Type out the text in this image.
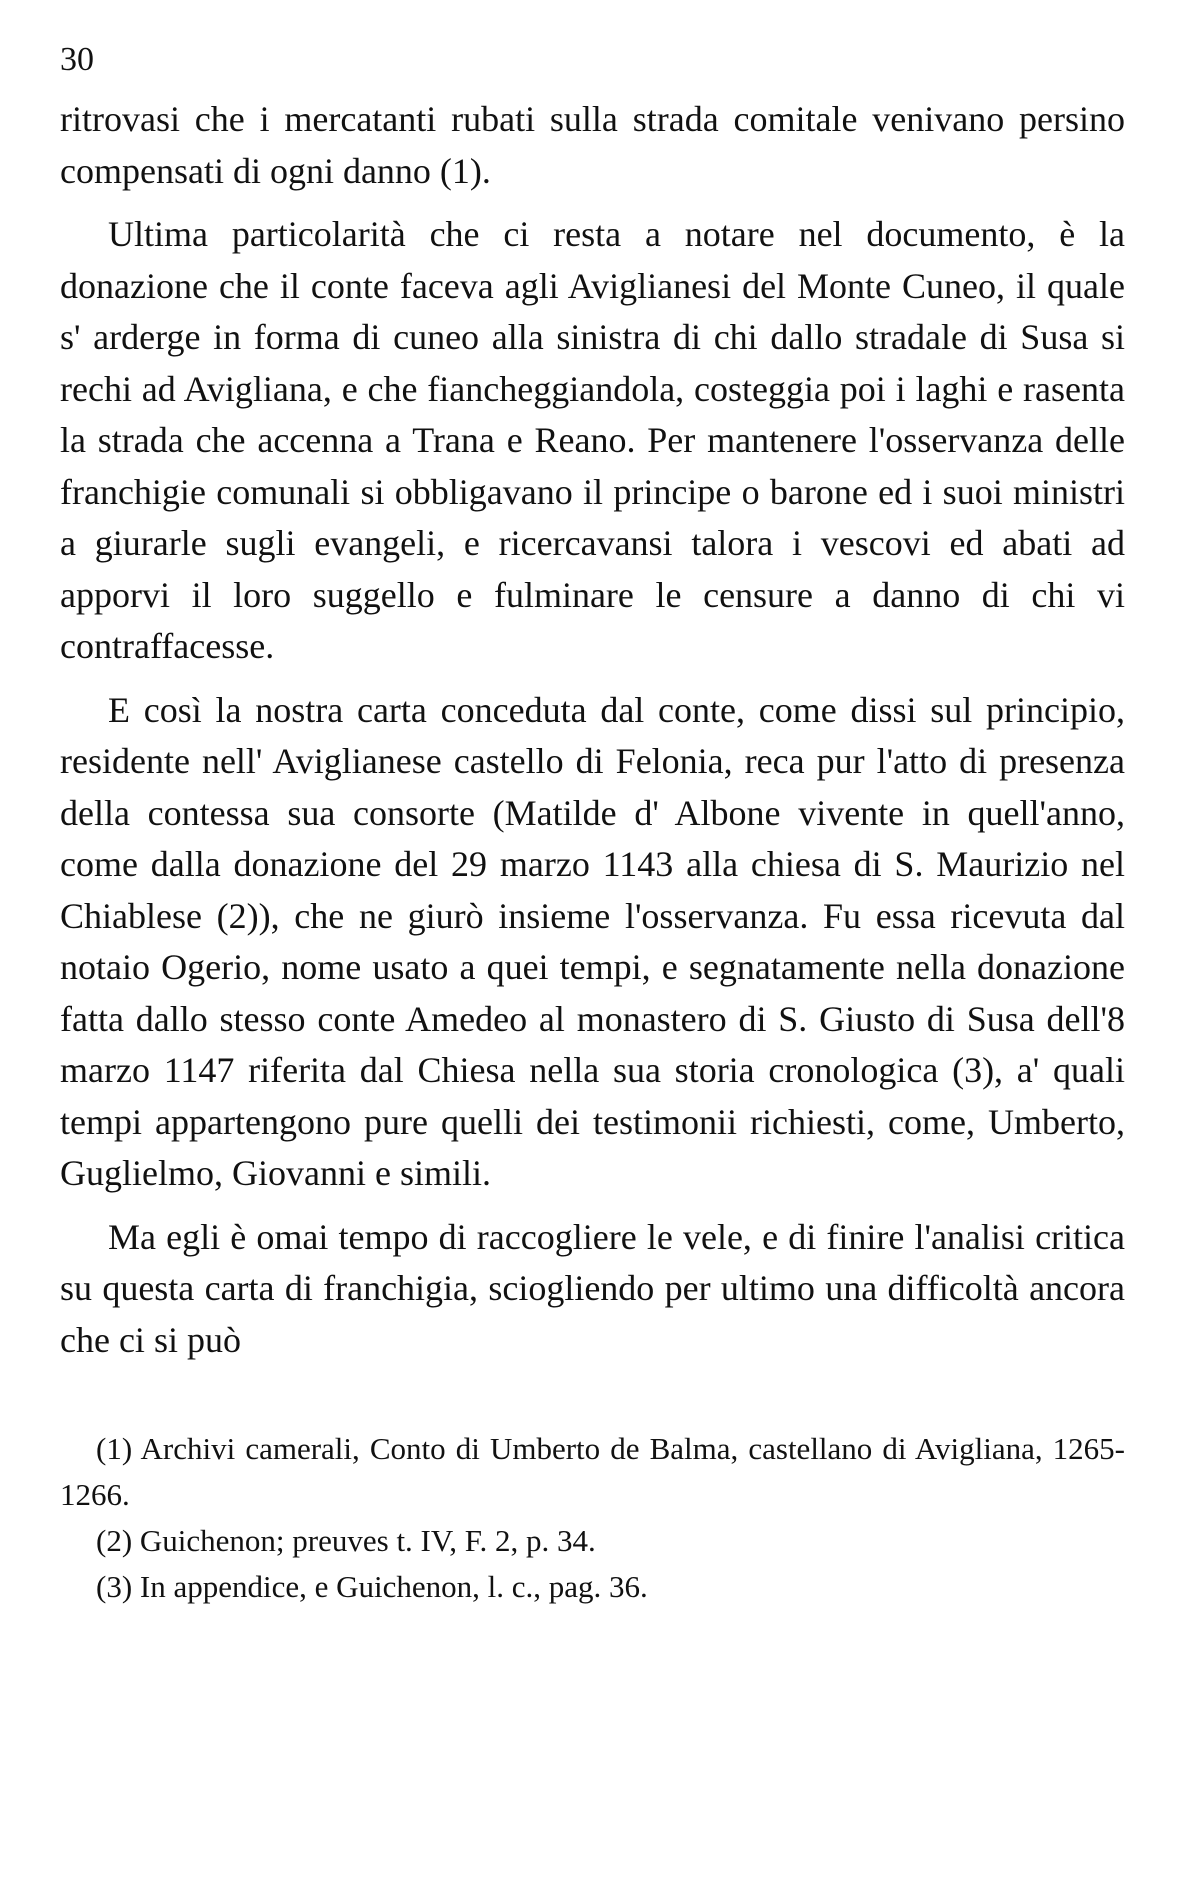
30

ritrovasi che i mercatanti rubati sulla strada comitale venivano persino compensati di ogni danno (1).

Ultima particolarità che ci resta a notare nel documento, è la donazione che il conte faceva agli Aviglianesi del Monte Cuneo, il quale s' arderge in forma di cuneo alla sinistra di chi dallo stradale di Susa si rechi ad Avigliana, e che fiancheggiandola, costeggia poi i laghi e rasenta la strada che accenna a Trana e Reano. Per mantenere l'osservanza delle franchigie comunali si obbligavano il principe o barone ed i suoi ministri a giurarle sugli evangeli, e ricercavansi talora i vescovi ed abati ad apporvi il loro suggello e fulminare le censure a danno di chi vi contraffacesse.

E così la nostra carta conceduta dal conte, come dissi sul principio, residente nell' Aviglianese castello di Felonia, reca pur l'atto di presenza della contessa sua consorte (Matilde d' Albone vivente in quell'anno, come dalla donazione del 29 marzo 1143 alla chiesa di S. Maurizio nel Chiablese (2)), che ne giurò insieme l'osservanza. Fu essa ricevuta dal notaio Ogerio, nome usato a quei tempi, e segnatamente nella donazione fatta dallo stesso conte Amedeo al monastero di S. Giusto di Susa dell'8 marzo 1147 riferita dal Chiesa nella sua storia cronologica (3), a' quali tempi appartengono pure quelli dei testimonii richiesti, come, Umberto, Guglielmo, Giovanni e simili.

Ma egli è omai tempo di raccogliere le vele, e di finire l'analisi critica su questa carta di franchigia, sciogliendo per ultimo una difficoltà ancora che ci si può

(1) Archivi camerali, Conto di Umberto de Balma, castellano di Avigliana, 1265-1266.

(2) Guichenon; preuves t. IV, F. 2, p. 34.

(3) In appendice, e Guichenon, l. c., pag. 36.
